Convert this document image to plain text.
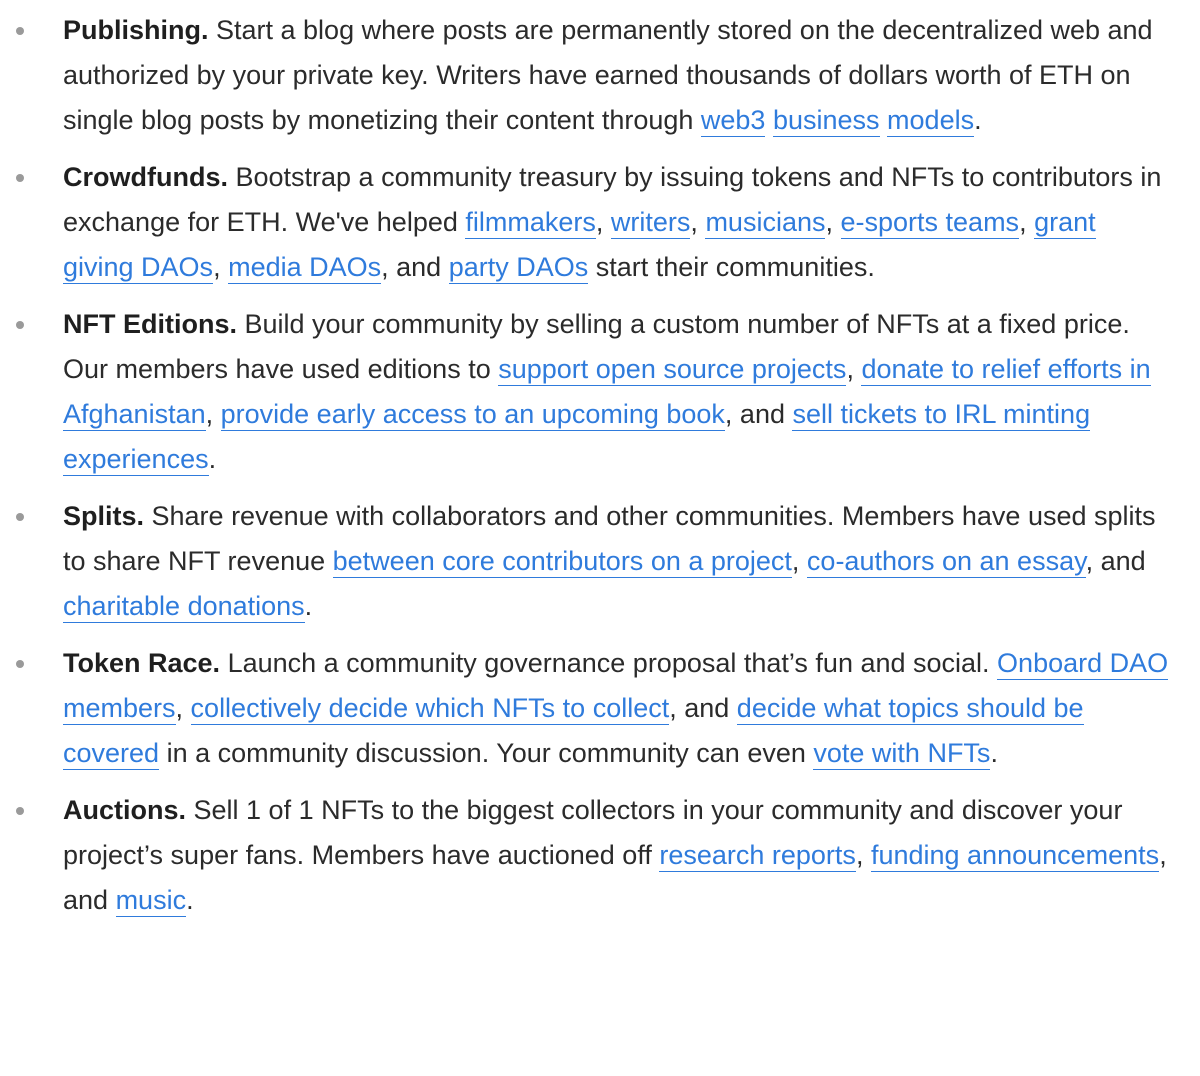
Publishing. Start a blog where posts are permanently stored on the decentralized web and authorized by your private key. Writers have earned thousands of dollars worth of ETH on single blog posts by monetizing their content through web3 business models.
Crowdfunds. Bootstrap a community treasury by issuing tokens and NFTs to contributors in exchange for ETH. We've helped filmmakers, writers, musicians, e-sports teams, grant giving DAOs, media DAOs, and party DAOs start their communities.
NFT Editions. Build your community by selling a custom number of NFTs at a fixed price. Our members have used editions to support open source projects, donate to relief efforts in Afghanistan, provide early access to an upcoming book, and sell tickets to IRL minting experiences.
Splits. Share revenue with collaborators and other communities. Members have used splits to share NFT revenue between core contributors on a project, co-authors on an essay, and charitable donations.
Token Race. Launch a community governance proposal that’s fun and social. Onboard DAO members, collectively decide which NFTs to collect, and decide what topics should be covered in a community discussion. Your community can even vote with NFTs.
Auctions. Sell 1 of 1 NFTs to the biggest collectors in your community and discover your project’s super fans. Members have auctioned off research reports, funding announcements, and music.
